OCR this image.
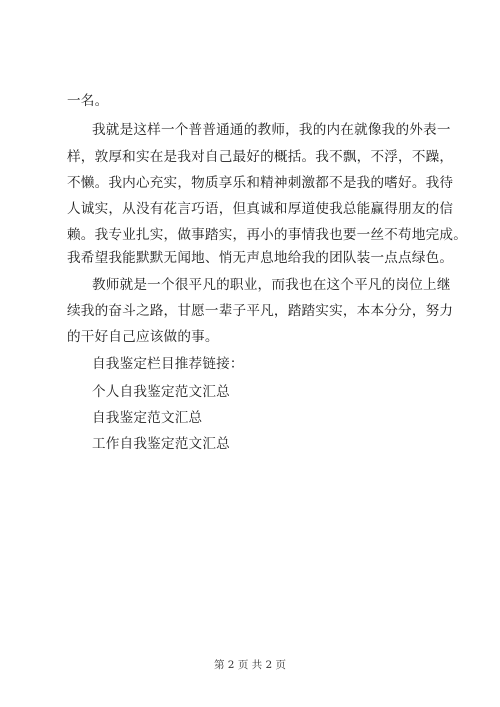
一名。
我就是这样一个普普通通的教师，我的内在就像我的外表一
样，敦厚和实在是我对自己最好的概括。我不飘，不浮，不躁，
不懒。我内心充实，物质享乐和精神刺激都不是我的嗜好。我待
人诚实，从没有花言巧语，但真诚和厚道使我总能赢得朋友的信
赖。我专业扎实，做事踏实，再小的事情我也要一丝不苟地完成。
我希望我能默默无闻地、悄无声息地给我的团队装一点点绿色。
教师就是一个很平凡的职业，而我也在这个平凡的岗位上继
续我的奋斗之路，甘愿一辈子平凡，踏踏实实，本本分分，努力
的干好自己应该做的事。
自我鉴定栏目推荐链接：
个人自我鉴定范文汇总
自我鉴定范文汇总
工作自我鉴定范文汇总
第 2 页 共 2 页
